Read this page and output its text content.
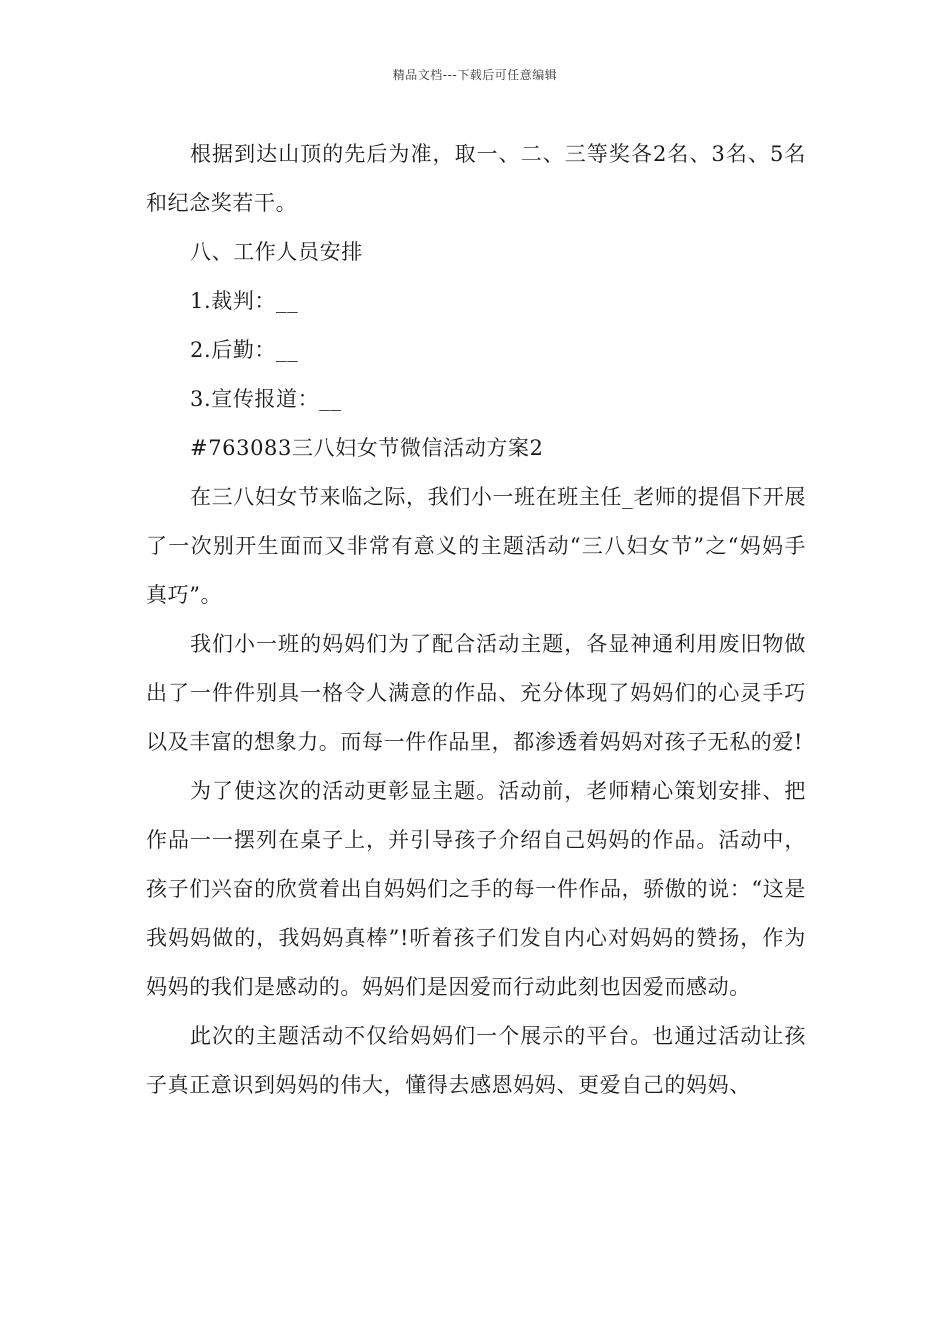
精品文档---下载后可任意编辑

根据到达山顶的先后为准，取一、二、三等奖各2名、3名、5名和纪念奖若干。

八、工作人员安排

1.裁判：__

2.后勤：__

3.宣传报道：__

#763083三八妇女节微信活动方案2

在三八妇女节来临之际，我们小一班在班主任_老师的提倡下开展了一次别开生面而又非常有意义的主题活动“三八妇女节”之“妈妈手真巧”。

我们小一班的妈妈们为了配合活动主题，各显神通利用废旧物做出了一件件别具一格令人满意的作品、充分体现了妈妈们的心灵手巧以及丰富的想象力。而每一件作品里，都渗透着妈妈对孩子无私的爱!

为了使这次的活动更彰显主题。活动前，老师精心策划安排、把作品一一摆列在桌子上，并引导孩子介绍自己妈妈的作品。活动中，孩子们兴奋的欣赏着出自妈妈们之手的每一件作品，骄傲的说：“这是我妈妈做的，我妈妈真棒”!听着孩子们发自内心对妈妈的赞扬，作为妈妈的我们是感动的。妈妈们是因爱而行动此刻也因爱而感动。

此次的主题活动不仅给妈妈们一个展示的平台。也通过活动让孩子真正意识到妈妈的伟大，懂得去感恩妈妈、更爱自己的妈妈、
